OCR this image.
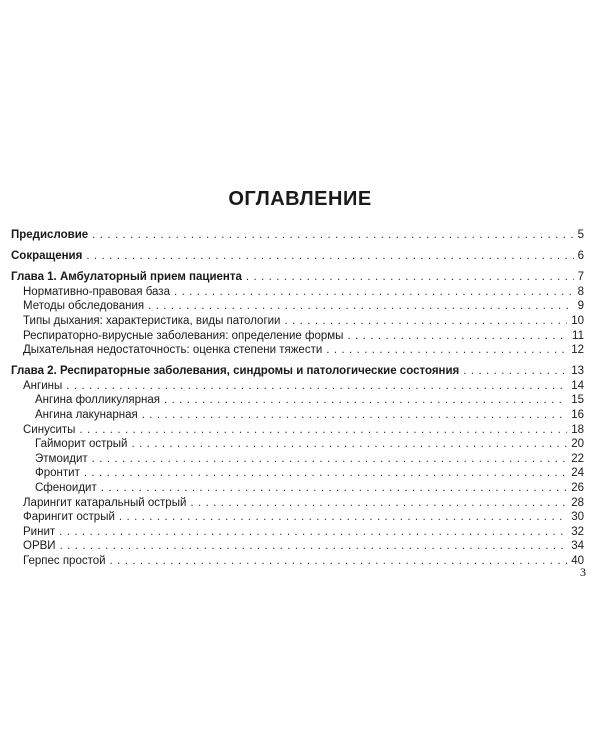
ОГЛАВЛЕНИЕ
Предисловие . . .	5
Сокращения . . .	6
Глава 1. Амбулаторный прием пациента . . .	7
Нормативно-правовая база . . .	8
Методы обследования . . .	9
Типы дыхания: характеристика, виды патологии . . .	10
Респираторно-вирусные заболевания: определение формы . . .	11
Дыхательная недостаточность: оценка степени тяжести . . .	12
Глава 2. Респираторные заболевания, синдромы и патологические состояния . . .	13
Ангины . . .	14
Ангина фолликулярная . . .	15
Ангина лакунарная . . .	16
Синуситы . . .	18
Гайморит острый . . .	20
Этмоидит . . .	22
Фронтит . . .	24
Сфеноидит . . .	26
Ларингит катаральный острый . . .	28
Фарингит острый . . .	30
Ринит . . .	32
ОРВИ . . .	34
Герпес простой . . .	40
3
